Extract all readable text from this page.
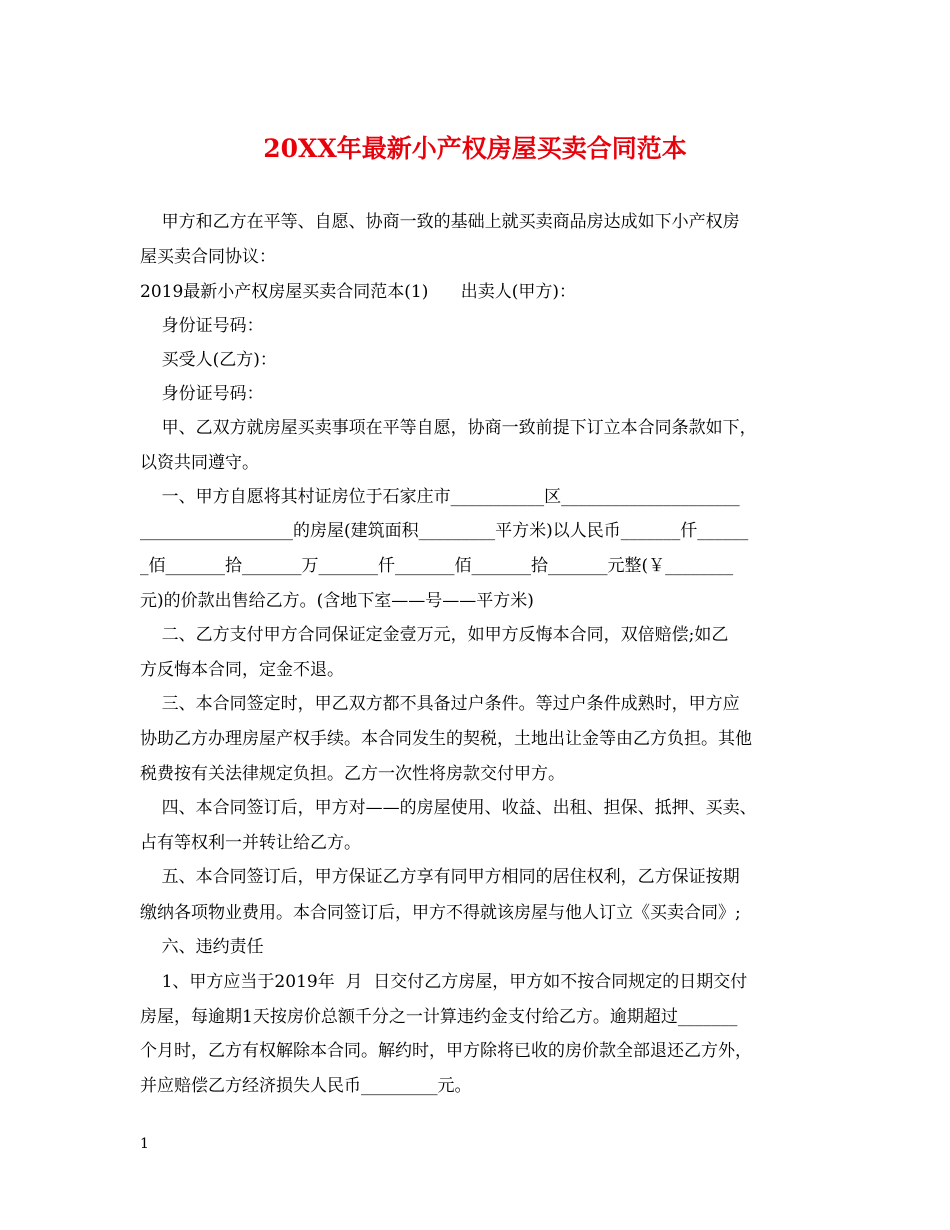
20XX年最新小产权房屋买卖合同范本
甲方和乙方在平等、自愿、协商一致的基础上就买卖商品房达成如下小产权房
屋买卖合同协议：
2019最新小产权房屋买卖合同范本(1)      出卖人(甲方)：
身份证号码：
买受人(乙方)：
身份证号码：
甲、乙双方就房屋买卖事项在平等自愿，协商一致前提下订立本合同条款如下，
以资共同遵守。
一、甲方自愿将其村证房位于石家庄市___________区_____________________
__________________的房屋(建筑面积_________平方米)以人民币_______仟______
_佰_______拾_______万_______仟_______佰_______拾_______元整(￥________
元)的价款出售给乙方。(含地下室——号——平方米)
二、乙方支付甲方合同保证定金壹万元，如甲方反悔本合同，双倍赔偿;如乙
方反悔本合同，定金不退。
三、本合同签定时，甲乙双方都不具备过户条件。等过户条件成熟时，甲方应
协助乙方办理房屋产权手续。本合同发生的契税，土地出让金等由乙方负担。其他
税费按有关法律规定负担。乙方一次性将房款交付甲方。
四、本合同签订后，甲方对——的房屋使用、收益、出租、担保、抵押、买卖、
占有等权利一并转让给乙方。
五、本合同签订后，甲方保证乙方享有同甲方相同的居住权利，乙方保证按期
缴纳各项物业费用。本合同签订后，甲方不得就该房屋与他人订立《买卖合同》;
六、违约责任
1、甲方应当于2019年  月  日交付乙方房屋，甲方如不按合同规定的日期交付
房屋，每逾期1天按房价总额千分之一计算违约金支付给乙方。逾期超过_______
个月时，乙方有权解除本合同。解约时，甲方除将已收的房价款全部退还乙方外，
并应赔偿乙方经济损失人民币_________元。
1
